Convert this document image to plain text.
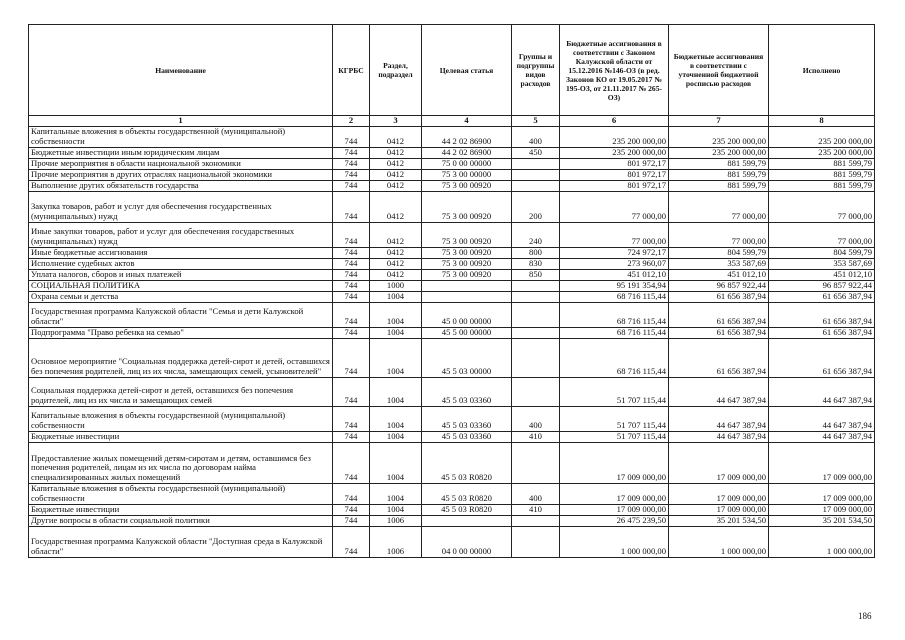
Наименование	КГРБС	Раздел, подраздел	Целевая статья	Группы и подгруппы видов расходов	Бюджетные ассигнования в соответствии с Законом Калужской области от 15.12.2016 №146-ОЗ (в ред. Законов КО от 19.05.2017 № 195-ОЗ, от 21.11.2017 № 265-ОЗ)	Бюджетные ассигнования в соответствии с уточненной бюджетной росписью расходов	Исполнено
1	2	3	4	5	6	7	8
Капитальные вложения в объекты государственной (муниципальной) собственности	744	0412	44 2 02 86900	400	235 200 000,00	235 200 000,00	235 200 000,00
Бюджетные инвестиции иным юридическим лицам	744	0412	44 2 02 86900	450	235 200 000,00	235 200 000,00	235 200 000,00
Прочие мероприятия в области национальной экономики	744	0412	75 0 00 00000		801 972,17	881 599,79	881 599,79
Прочие мероприятия в других отраслях национальной экономики	744	0412	75 3 00 00000		801 972,17	881 599,79	881 599,79
Выполнение других обязательств государства	744	0412	75 3 00 00920		801 972,17	881 599,79	881 599,79
Закупка товаров, работ и услуг для обеспечения государственных (муниципальных) нужд	744	0412	75 3 00 00920	200	77 000,00	77 000,00	77 000,00
Иные закупки товаров, работ и услуг для обеспечения государственных (муниципальных) нужд	744	0412	75 3 00 00920	240	77 000,00	77 000,00	77 000,00
Иные бюджетные ассигнования	744	0412	75 3 00 00920	800	724 972,17	804 599,79	804 599,79
Исполнение судебных актов	744	0412	75 3 00 00920	830	273 960,07	353 587,69	353 587,69
Уплата налогов, сборов и иных платежей	744	0412	75 3 00 00920	850	451 012,10	451 012,10	451 012,10
СОЦИАЛЬНАЯ ПОЛИТИКА	744	1000			95 191 354,94	96 857 922,44	96 857 922,44
Охрана семьи и детства	744	1004			68 716 115,44	61 656 387,94	61 656 387,94
Государственная программа Калужской области "Семья и дети Калужской области"	744	1004	45 0 00 00000		68 716 115,44	61 656 387,94	61 656 387,94
Подпрограмма "Право ребенка на семью"	744	1004	45 5 00 00000		68 716 115,44	61 656 387,94	61 656 387,94
Основное мероприятие "Социальная поддержка детей-сирот и детей, оставшихся без попечения родителей, лиц из их числа, замещающих семей, усыновителей"	744	1004	45 5 03 00000		68 716 115,44	61 656 387,94	61 656 387,94
Социальная поддержка детей-сирот и детей, оставшихся без попечения родителей, лиц из их числа и замещающих семей	744	1004	45 5 03 03360		51 707 115,44	44 647 387,94	44 647 387,94
Капитальные вложения в объекты государственной (муниципальной) собственности	744	1004	45 5 03 03360	400	51 707 115,44	44 647 387,94	44 647 387,94
Бюджетные инвестиции	744	1004	45 5 03 03360	410	51 707 115,44	44 647 387,94	44 647 387,94
Предоставление жилых помещений детям-сиротам и детям, оставшимся без попечения родителей, лицам из их числа по договорам найма специализированных жилых помещений	744	1004	45 5 03 R0820		17 009 000,00	17 009 000,00	17 009 000,00
Капитальные вложения в объекты государственной (муниципальной) собственности	744	1004	45 5 03 R0820	400	17 009 000,00	17 009 000,00	17 009 000,00
Бюджетные инвестиции	744	1004	45 5 03 R0820	410	17 009 000,00	17 009 000,00	17 009 000,00
Другие вопросы в области социальной политики	744	1006			26 475 239,50	35 201 534,50	35 201 534,50
Государственная программа Калужской области "Доступная среда в Калужской области"	744	1006	04 0 00 00000		1 000 000,00	1 000 000,00	1 000 000,00
186
